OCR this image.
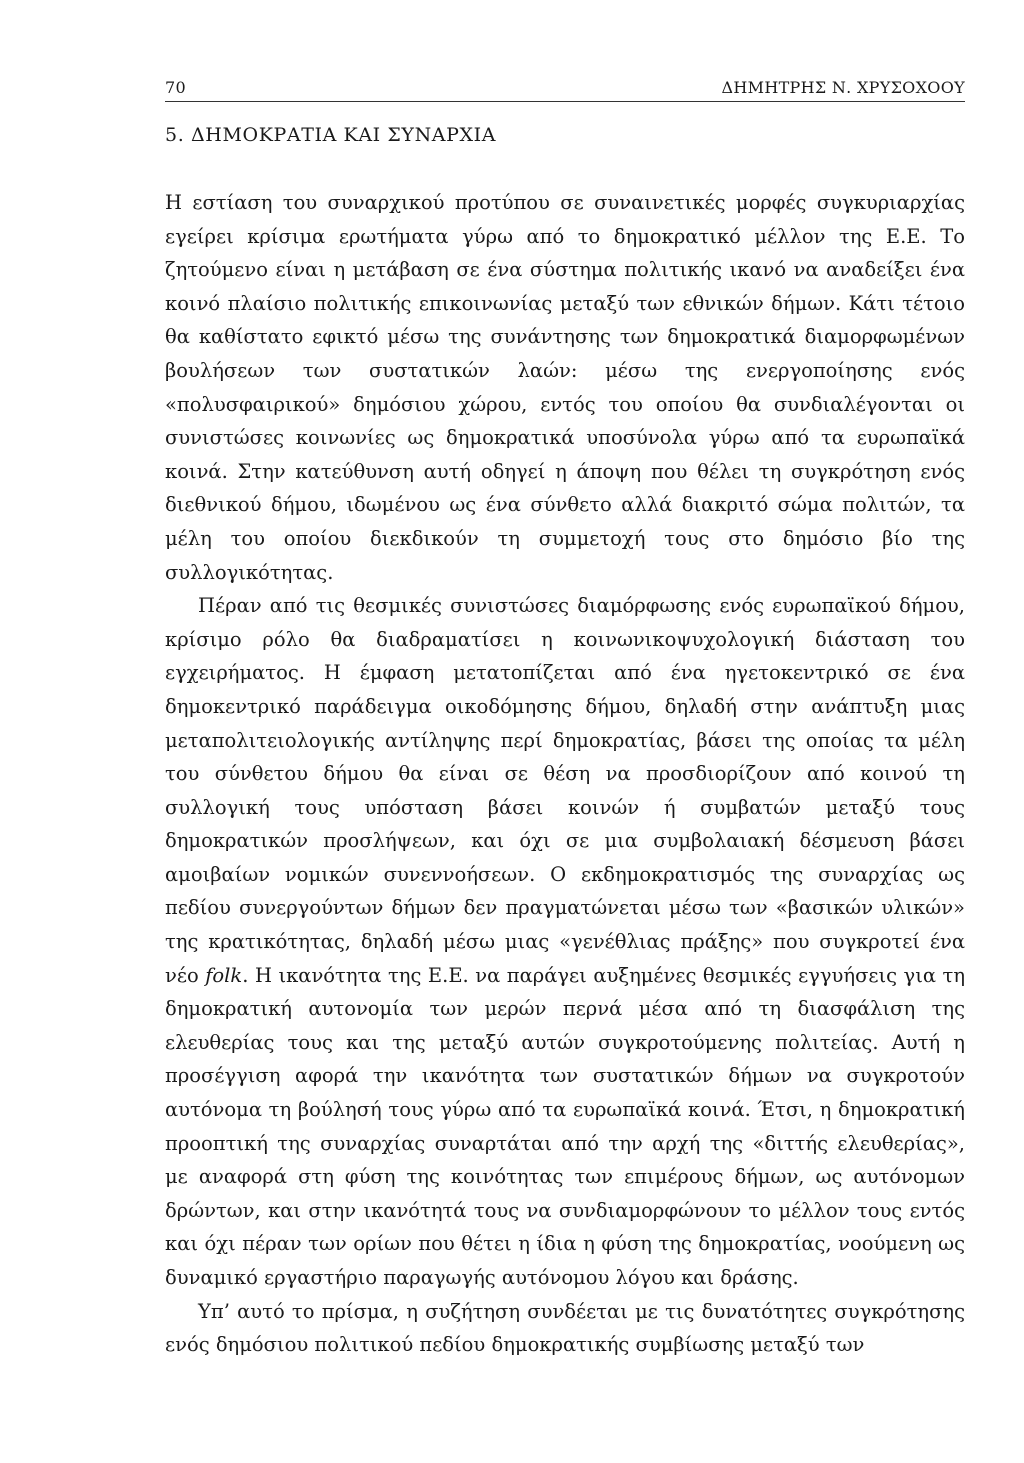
70	ΔΗΜΗΤΡΗΣ Ν. ΧΡΥΣΟΧΟΟΥ
5. ΔΗΜΟΚΡΑΤΙΑ ΚΑΙ ΣΥΝΑΡΧΙΑ

Η εστίαση του συναρχικού προτύπου σε συναινετικές μορφές συγκυριαρχίας εγείρει κρίσιμα ερωτήματα γύρω από το δημοκρατικό μέλλον της Ε.Ε. Το ζητούμενο είναι η μετάβαση σε ένα σύστημα πολιτικής ικανό να αναδείξει ένα κοινό πλαίσιο πολιτικής επικοινωνίας μεταξύ των εθνικών δήμων. Κάτι τέτοιο θα καθίστατο εφικτό μέσω της συνάντησης των δημοκρατικά διαμορφωμένων βουλήσεων των συστατικών λαών: μέσω της ενεργοποίησης ενός «πολυσφαιρικού» δημόσιου χώρου, εντός του οποίου θα συνδιαλέγονται οι συνιστώσες κοινωνίες ως δημοκρατικά υποσύνολα γύρω από τα ευρωπαϊκά κοινά. Στην κατεύθυνση αυτή οδηγεί η άποψη που θέλει τη συγκρότηση ενός διεθνικού δήμου, ιδωμένου ως ένα σύνθετο αλλά διακριτό σώμα πολιτών, τα μέλη του οποίου διεκδικούν τη συμμετοχή τους στο δημόσιο βίο της συλλογικότητας.

Πέραν από τις θεσμικές συνιστώσες διαμόρφωσης ενός ευρωπαϊκού δήμου, κρίσιμο ρόλο θα διαδραματίσει η κοινωνικοψυχολογική διάσταση του εγχειρήματος. Η έμφαση μετατοπίζεται από ένα ηγετοκεντρικό σε ένα δημοκεντρικό παράδειγμα οικοδόμησης δήμου, δηλαδή στην ανάπτυξη μιας μεταπολιτειολογικής αντίληψης περί δημοκρατίας, βάσει της οποίας τα μέλη του σύνθετου δήμου θα είναι σε θέση να προσδιορίζουν από κοινού τη συλλογική τους υπόσταση βάσει κοινών ή συμβατών μεταξύ τους δημοκρατικών προσλήψεων, και όχι σε μια συμβολαιακή δέσμευση βάσει αμοιβαίων νομικών συνεννοήσεων. Ο εκδημοκρατισμός της συναρχίας ως πεδίου συνεργούντων δήμων δεν πραγματώνεται μέσω των «βασικών υλικών» της κρατικότητας, δηλαδή μέσω μιας «γενέθλιας πράξης» που συγκροτεί ένα νέο folk. Η ικανότητα της Ε.Ε. να παράγει αυξημένες θεσμικές εγγυήσεις για τη δημοκρατική αυτονομία των μερών περνά μέσα από τη διασφάλιση της ελευθερίας τους και της μεταξύ αυτών συγκροτούμενης πολιτείας. Αυτή η προσέγγιση αφορά την ικανότητα των συστατικών δήμων να συγκροτούν αυτόνομα τη βούλησή τους γύρω από τα ευρωπαϊκά κοινά. Έτσι, η δημοκρατική προοπτική της συναρχίας συναρτάται από την αρχή της «διττής ελευθερίας», με αναφορά στη φύση της κοινότητας των επιμέρους δήμων, ως αυτόνομων δρώντων, και στην ικανότητά τους να συνδιαμορφώνουν το μέλλον τους εντός και όχι πέραν των ορίων που θέτει η ίδια η φύση της δημοκρατίας, νοούμενη ως δυναμικό εργαστήριο παραγωγής αυτόνομου λόγου και δράσης.

Υπ’ αυτό το πρίσμα, η συζήτηση συνδέεται με τις δυνατότητες συγκρότησης ενός δημόσιου πολιτικού πεδίου δημοκρατικής συμβίωσης μεταξύ των
